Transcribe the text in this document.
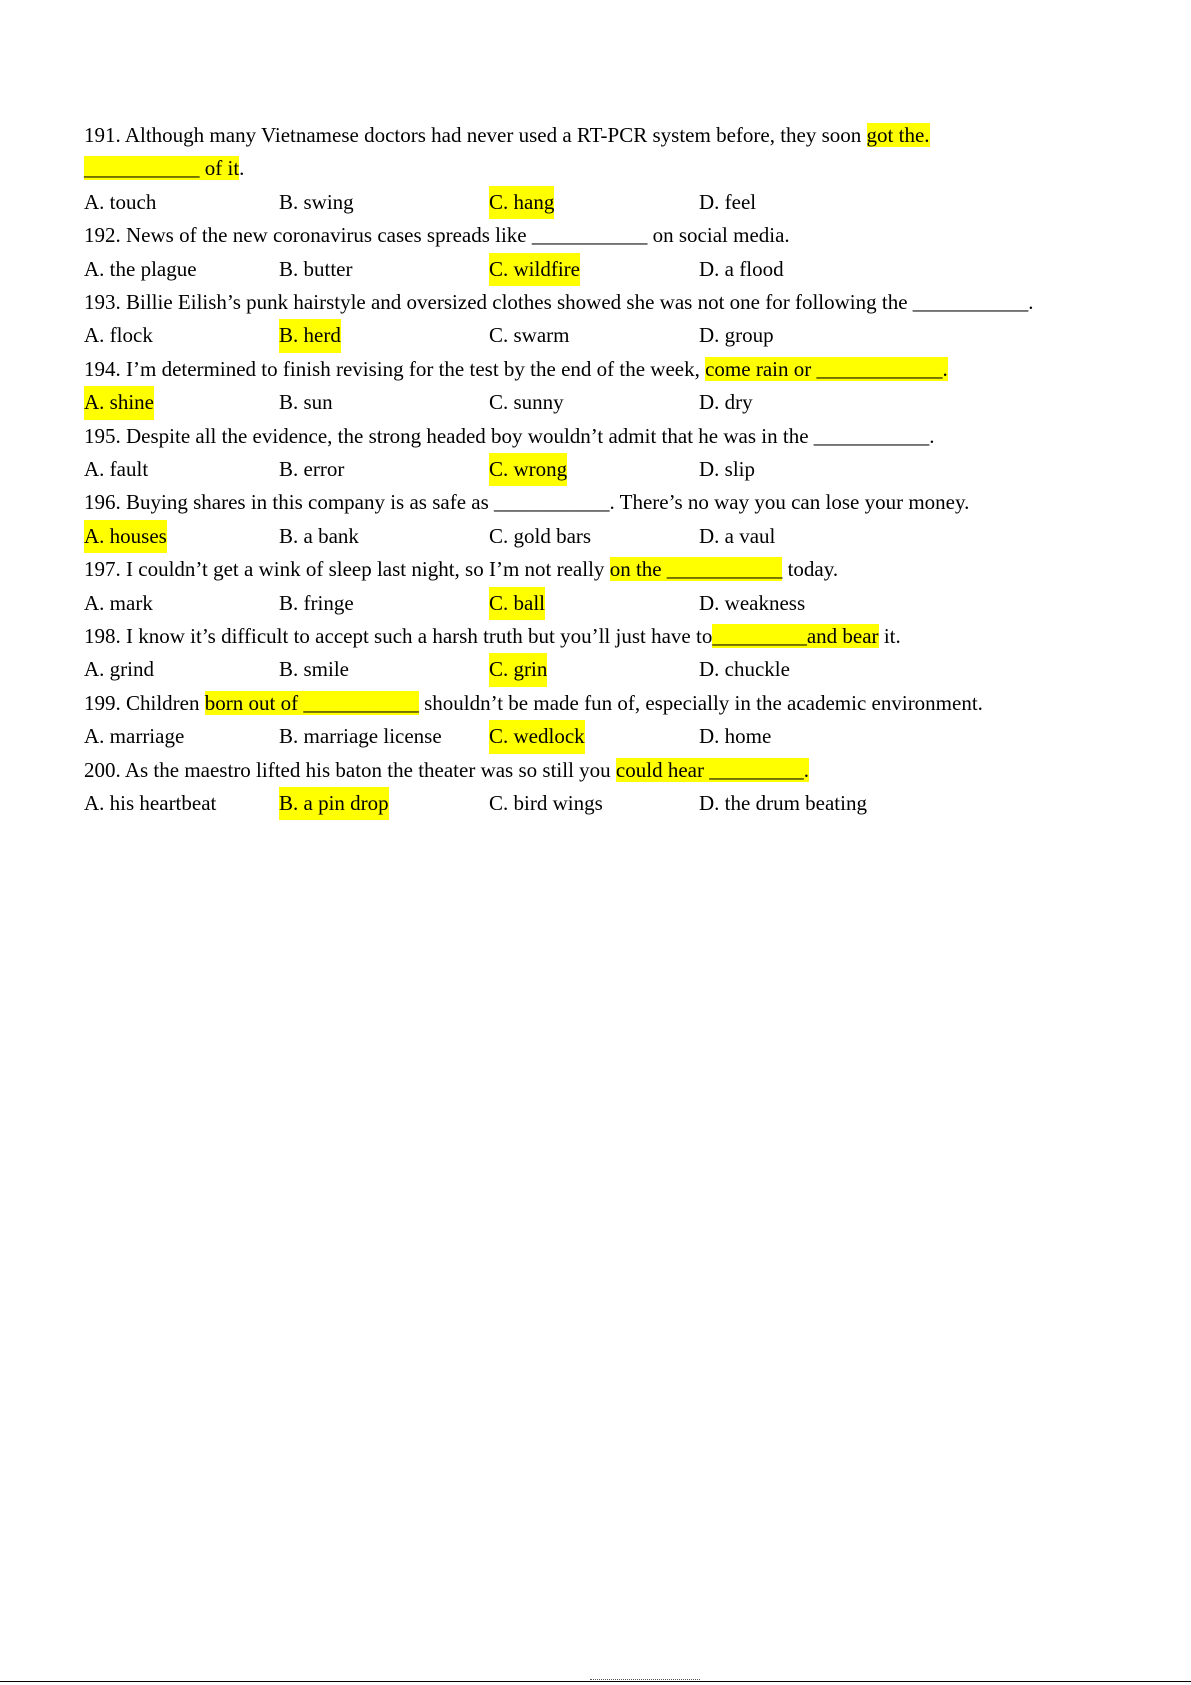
191. Although many Vietnamese doctors had never used a RT-PCR system before, they soon got the.
___________ of it.
A. touch	B. swing	C. hang	D. feel
192. News of the new coronavirus cases spreads like ___________ on social media.
A. the plague	B. butter	C. wildfire	D. a flood
193. Billie Eilish’s punk hairstyle and oversized clothes showed she was not one for following the ___________.
A. flock	B. herd	C. swarm	D. group
194. I’m determined to finish revising for the test by the end of the week, come rain or ____________.
A. shine	B. sun	C. sunny	D. dry
195. Despite all the evidence, the strong headed boy wouldn’t admit that he was in the ___________.
A. fault	B. error	C. wrong	D. slip
196. Buying shares in this company is as safe as ___________. There’s no way you can lose your money.
A. houses	B. a bank	C. gold bars	D. a vaul
197. I couldn’t get a wink of sleep last night, so I’m not really on the ___________ today.
A. mark	B. fringe	C. ball	D. weakness
198. I know it’s difficult to accept such a harsh truth but you’ll just have to_________and bear it.
A. grind	B. smile	C. grin	D. chuckle
199. Children born out of ___________ shouldn’t be made fun of, especially in the academic environment.
A. marriage	B. marriage license C. wedlock	D. home
200. As the maestro lifted his baton the theater was so still you could hear _________.
A. his heartbeat	B. a pin drop	C. bird wings	D. the drum beating
